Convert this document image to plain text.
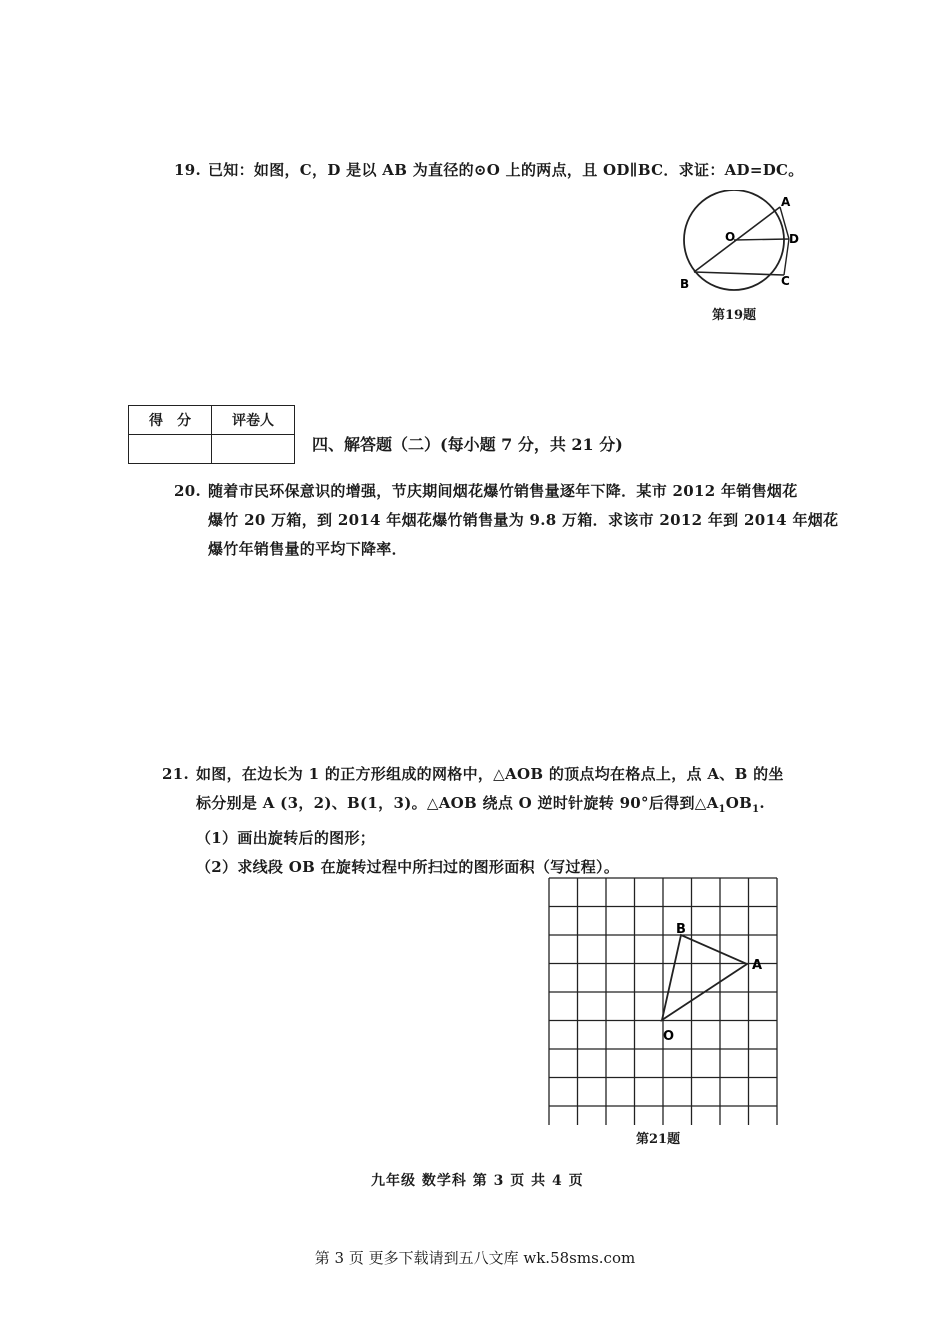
19. 已知：如图，C，D 是以 AB 为直径的⊙O 上的两点，且 OD∥BC．求证：AD=DC。
A
O	D
B	C
第19题
得　分	评卷人

四、解答题（二）(每小题 7 分，共 21 分)
20. 随着市民环保意识的增强，节庆期间烟花爆竹销售量逐年下降．某市 2012 年销售烟花
爆竹 20 万箱，到 2014 年烟花爆竹销售量为 9.8 万箱．求该市 2012 年到 2014 年烟花
爆竹年销售量的平均下降率．
21. 如图，在边长为 1 的正方形组成的网格中，△AOB 的顶点均在格点上，点 A、B 的坐
标分别是 A (3，2)、B(1，3)。△AOB 绕点 O 逆时针旋转 90°后得到$\triangle A_1OB_1$.
（1）画出旋转后的图形；
（2）求线段 OB 在旋转过程中所扫过的图形面积（写过程）。
B
A
O
第21题
九年级 数学科 第 3 页 共 4 页
第 3 页 更多下载请到五八文库 wk.58sms.com
